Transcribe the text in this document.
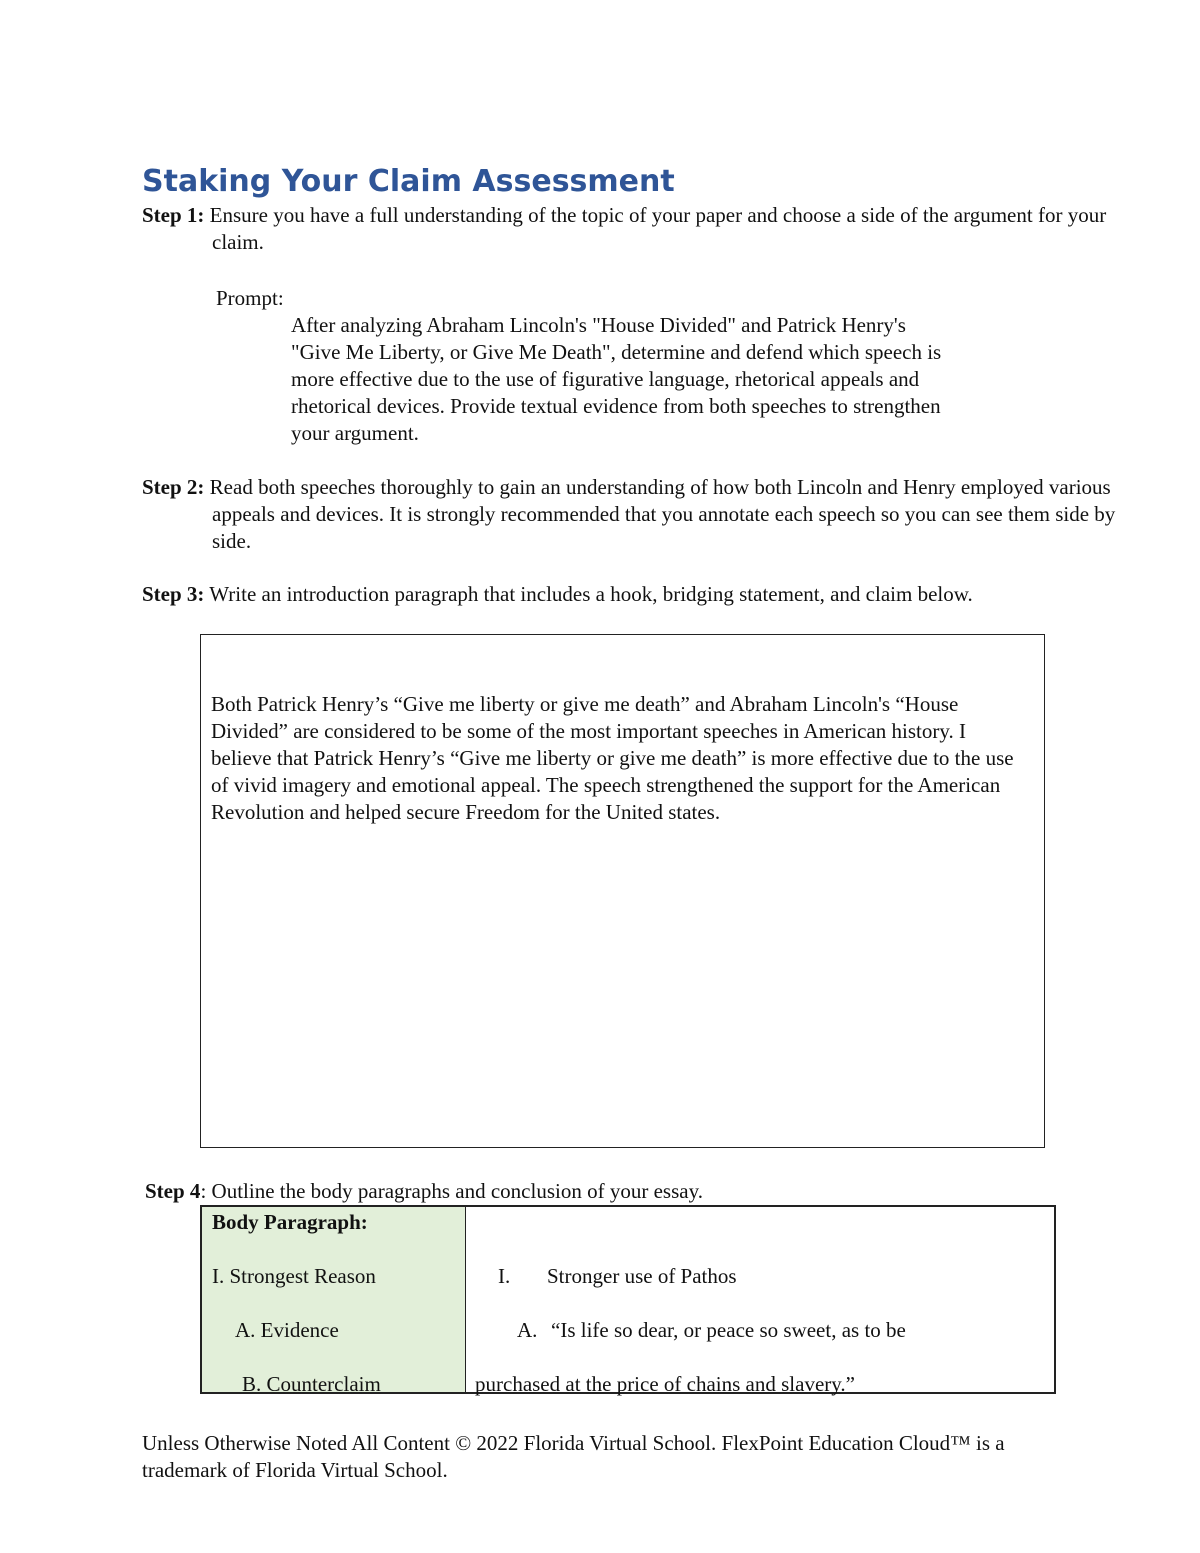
Staking Your Claim Assessment
Step 1: Ensure you have a full understanding of the topic of your paper and choose a side of the argument for your claim.
Prompt:
After analyzing Abraham Lincoln's "House Divided" and Patrick Henry's "Give Me Liberty, or Give Me Death", determine and defend which speech is more effective due to the use of figurative language, rhetorical appeals and rhetorical devices. Provide textual evidence from both speeches to strengthen your argument.
Step 2: Read both speeches thoroughly to gain an understanding of how both Lincoln and Henry employed various appeals and devices. It is strongly recommended that you annotate each speech so you can see them side by side.
Step 3: Write an introduction paragraph that includes a hook, bridging statement, and claim below.
Both Patrick Henry’s “Give me liberty or give me death” and Abraham Lincoln's “House Divided” are considered to be some of the most important speeches in American history. I believe that Patrick Henry’s “Give me liberty or give me death” is more effective due to the use of vivid imagery and emotional appeal. The speech strengthened the support for the American Revolution and helped secure Freedom for the United states.
Step 4: Outline the body paragraphs and conclusion of your essay.
Body Paragraph:
I. Strongest Reason
A. Evidence
B. Counterclaim
I. Stronger use of Pathos
A. “Is life so dear, or peace so sweet, as to be
purchased at the price of chains and slavery.”
Unless Otherwise Noted All Content © 2022 Florida Virtual School. FlexPoint Education Cloud™ is a trademark of Florida Virtual School.
